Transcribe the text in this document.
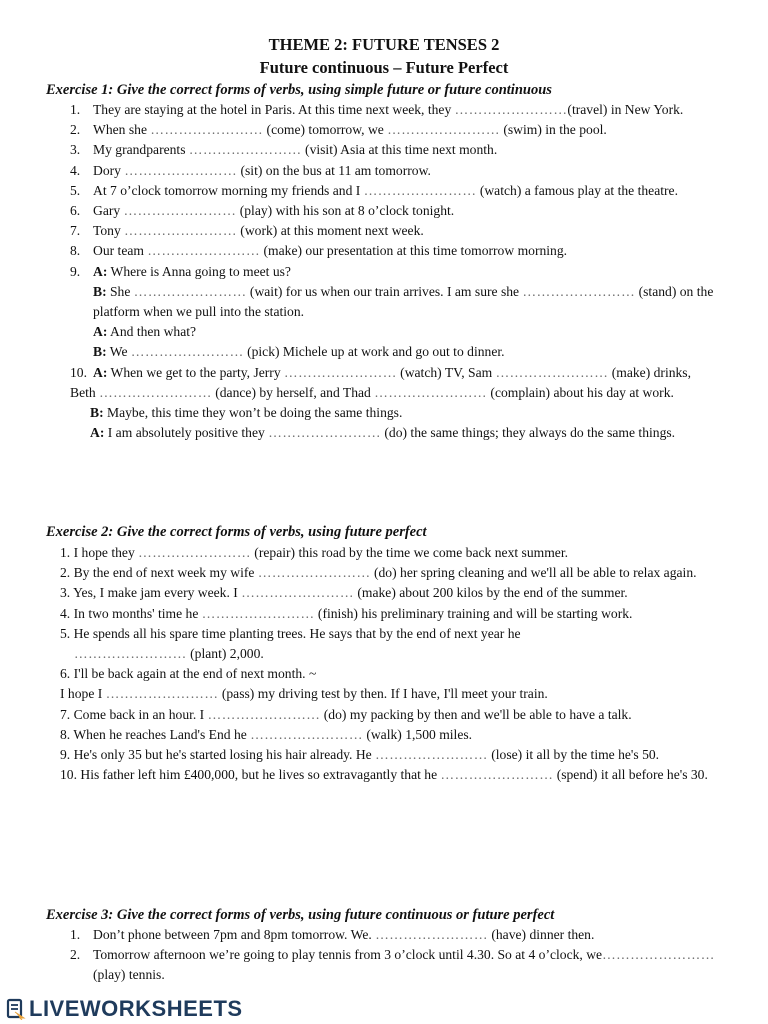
THEME 2: FUTURE TENSES 2
Future continuous – Future Perfect
Exercise 1: Give the correct forms of verbs, using simple future or future continuous
1. They are staying at the hotel in Paris. At this time next week, they ……………………(travel) in New York.
2. When she …………………… (come) tomorrow, we …………………… (swim) in the pool.
3. My grandparents …………………… (visit) Asia at this time next month.
4. Dory …………………… (sit) on the bus at 11 am tomorrow.
5. At 7 o’clock tomorrow morning my friends and I …………………… (watch) a famous play at the theatre.
6. Gary …………………… (play) with his son at 8 o’clock tonight.
7. Tony …………………… (work) at this moment next week.
8. Our team …………………… (make) our presentation at this time tomorrow morning.
9. A: Where is Anna going to meet us?
B: She …………………… (wait) for us when our train arrives. I am sure she …………………… (stand) on the platform when we pull into the station.
A: And then what?
B: We …………………… (pick) Michele up at work and go out to dinner.
10. A: When we get to the party, Jerry …………………… (watch) TV, Sam …………………… (make) drinks, Beth …………………… (dance) by herself, and Thad …………………… (complain) about his day at work.
B: Maybe, this time they won’t be doing the same things.
A: I am absolutely positive they …………………… (do) the same things; they always do the same things.
Exercise 2: Give the correct forms of verbs, using future perfect
1. I hope they …………………… (repair) this road by the time we come back next summer.
2. By the end of next week my wife …………………… (do) her spring cleaning and we'll all be able to relax again.
3. Yes, I make jam every week. I …………………… (make) about 200 kilos by the end of the summer.
4. In two months' time he …………………… (finish) his preliminary training and will be starting work.
5. He spends all his spare time planting trees. He says that by the end of next year he
…………………… (plant) 2,000.
6. I'll be back again at the end of next month. ~
I hope I …………………… (pass) my driving test by then. If I have, I'll meet your train.
7. Come back in an hour. I …………………… (do) my packing by then and we'll be able to have a talk.
8. When he reaches Land's End he …………………… (walk) 1,500 miles.
9. He's only 35 but he's started losing his hair already. He …………………… (lose) it all by the time he's 50.
10. His father left him £400,000, but he lives so extravagantly that he …………………… (spend) it all before he's 30.
Exercise 3: Give the correct forms of verbs, using future continuous or future perfect
1. Don’t phone between 7pm and 8pm tomorrow. We. …………………… (have) dinner then.
2. Tomorrow afternoon we’re going to play tennis from 3 o’clock until 4.30. So at 4 o’clock, we…………………… (play) tennis.
LIVEWORKSHEETS
